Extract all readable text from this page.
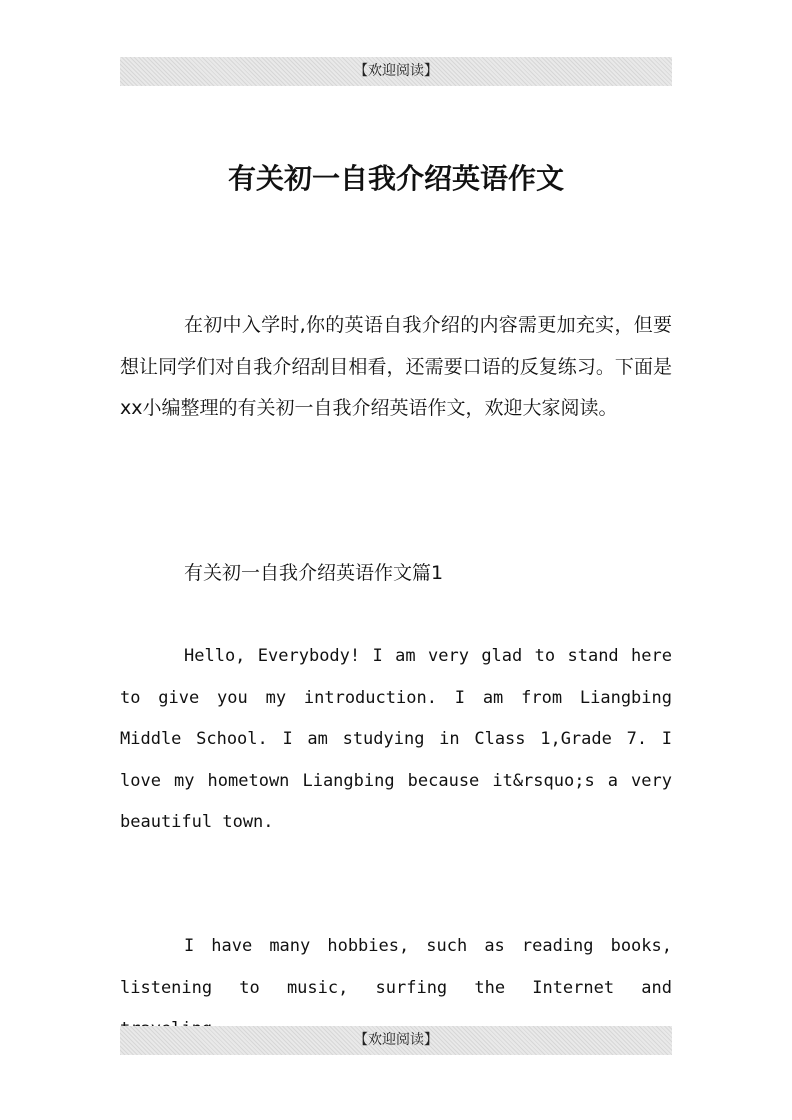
【欢迎阅读】
有关初一自我介绍英语作文

在初中入学时,你的英语自我介绍的内容需更加充实，但要想让同学们对自我介绍刮目相看，还需要口语的反复练习。下面是xx小编整理的有关初一自我介绍英语作文，欢迎大家阅读。

有关初一自我介绍英语作文篇1

Hello, Everybody! I am very glad to stand here to give you my introduction. I am from Liangbing Middle School. I am studying in Class 1,Grade 7. I love my hometown Liangbing because it&rsquo;s a very beautiful town.

I have many hobbies, such as reading books, listening to music, surfing the Internet and

【欢迎阅读】
